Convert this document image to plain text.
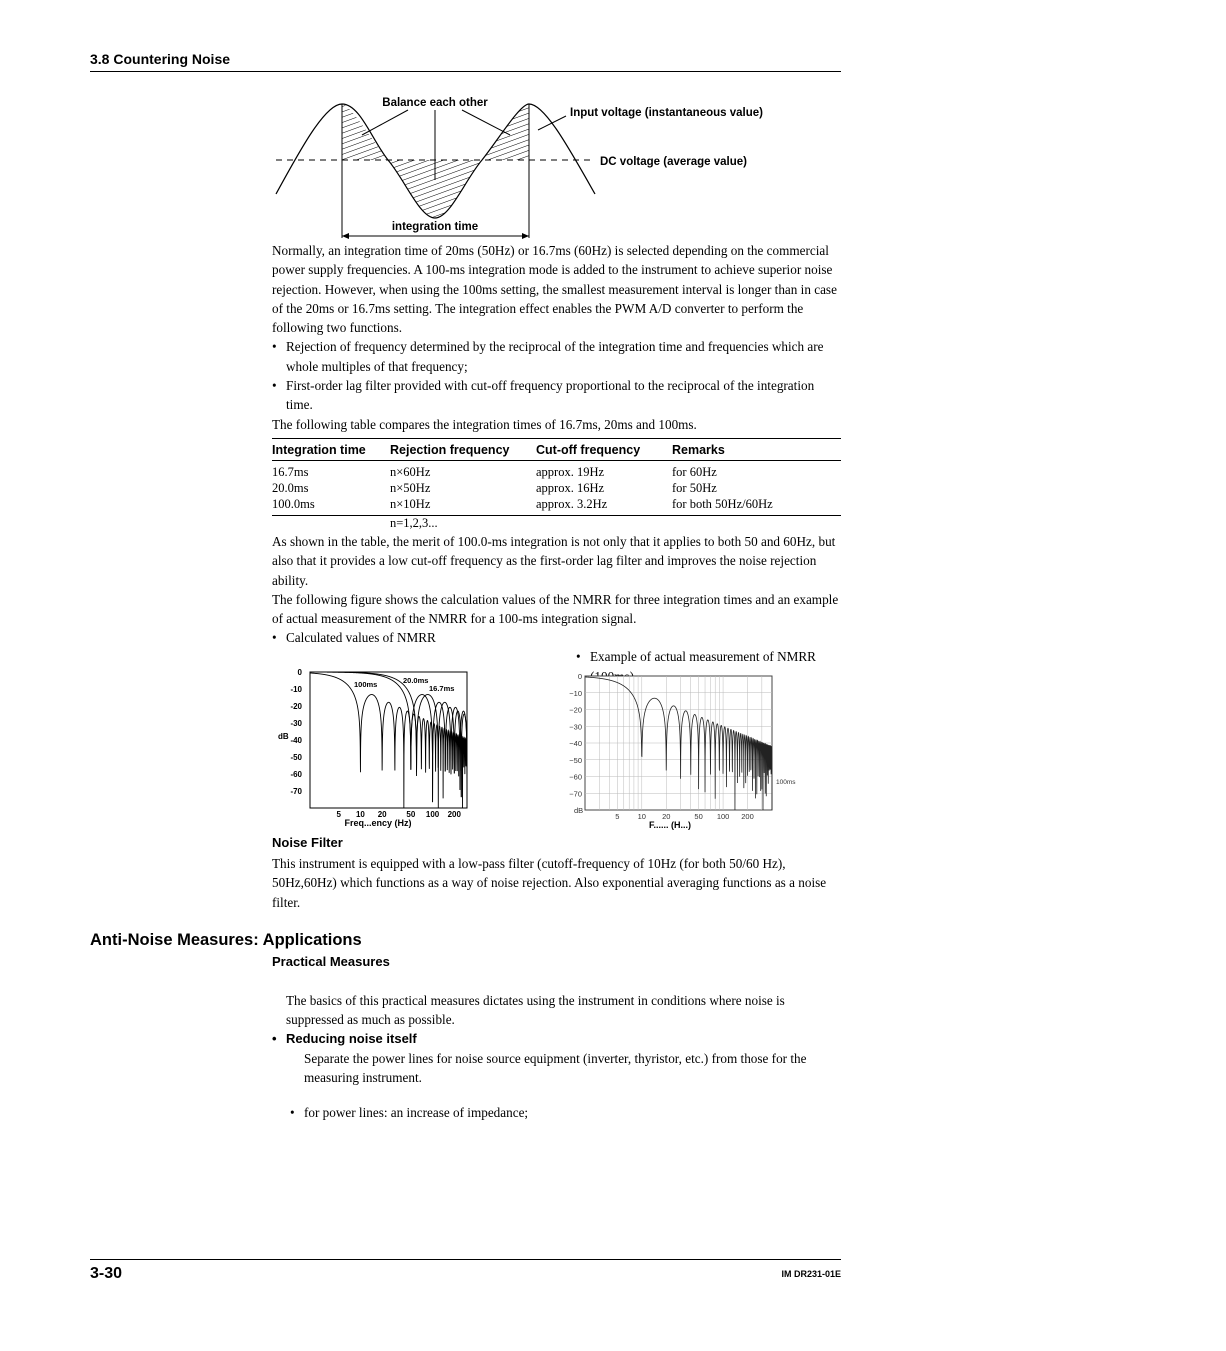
3.8 Countering Noise
Balance each other
Input voltage (instantaneous value)
DC voltage (average value)
integration time

Normally, an integration time of 20ms (50Hz) or 16.7ms (60Hz) is selected depending on the commercial power supply frequencies. A 100-ms integration mode is added to the instrument to achieve superior noise rejection. However, when using the 100ms setting, the smallest measurement interval is longer than in case of the 20ms or 16.7ms setting. The integration effect enables the PWM A/D converter to perform the following two functions.

• Rejection of frequency determined by the reciprocal of the integration time and frequencies which are whole multiples of that frequency;

• First-order lag filter provided with cut-off frequency proportional to the reciprocal of the integration time.

The following table compares the integration times of 16.7ms, 20ms and 100ms.

Integration time	Rejection frequency	Cut-off frequency	Remarks
16.7ms	n×60Hz	approx. 19Hz	for 60Hz
20.0ms	n×50Hz	approx. 16Hz	for 50Hz
100.0ms	n×10Hz	approx. 3.2Hz	for both 50Hz/60Hz
n=1,2,3...

As shown in the table, the merit of 100.0-ms integration is not only that it applies to both 50 and 60Hz, but also that it provides a low cut-off frequency as the first-order lag filter and improves the noise rejection ability.

The following figure shows the calculation values of the NMRR for three integration times and an example of actual measurement of the NMRR for a 100-ms integration signal.

• Calculated values of NMRR
• Example of actual measurement of NMRR
0
-10
-20
-30
-40
-50
-60
-70
5 10 20 50 100 200
dB
Freq...ency (Hz)
100ms	20.0ms
16.7ms
0
−10
−20
−30
−40
−50
−60
−70
5 10 20	50 100 200
dB
F...... (H...)
100ms
Noise Filter
This instrument is equipped with a low-pass filter (cutoff-frequency of 10Hz (for both 50/60 Hz), 50Hz,60Hz) which functions as a way of noise rejection. Also exponential averaging functions as a noise filter.
Anti-Noise Measures: Applications
Practical Measures
• Reducing noise itself
The basics of this practical measures dictates using the instrument in conditions where noise is suppressed as much as possible.
• for power lines: an increase of impedance;
Separate the power lines for noise source equipment (inverter, thyristor, etc.) from those for the measuring instrument.
3-30	IM DR231-01E
